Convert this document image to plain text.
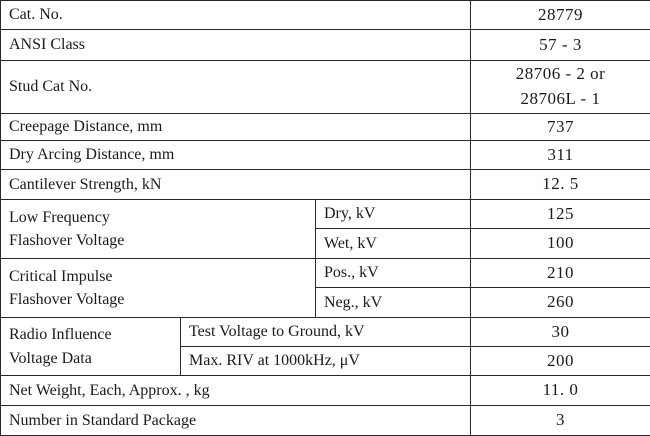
Cat. No.			28779
ANSI Class			57 - 3
Stud Cat No.			28706 - 2 or
28706L - 1

Creepage Distance, mm			737
Dry Arcing Distance, mm			311
Cantilever Strength, kN			12. 5

Low Frequency
Flashover Voltage		Dry, kV	125
		Wet, kV	100

Critical Impulse
Flashover Voltage		Pos., kV	210
		Neg., kV	260

Radio Influence
Voltage Data	Test Voltage to Ground, kV		30
	Max. RIV at 1000kHz, μV		200
Net Weight, Each, Approx. , kg			11. 0
Number in Standard Package			3
